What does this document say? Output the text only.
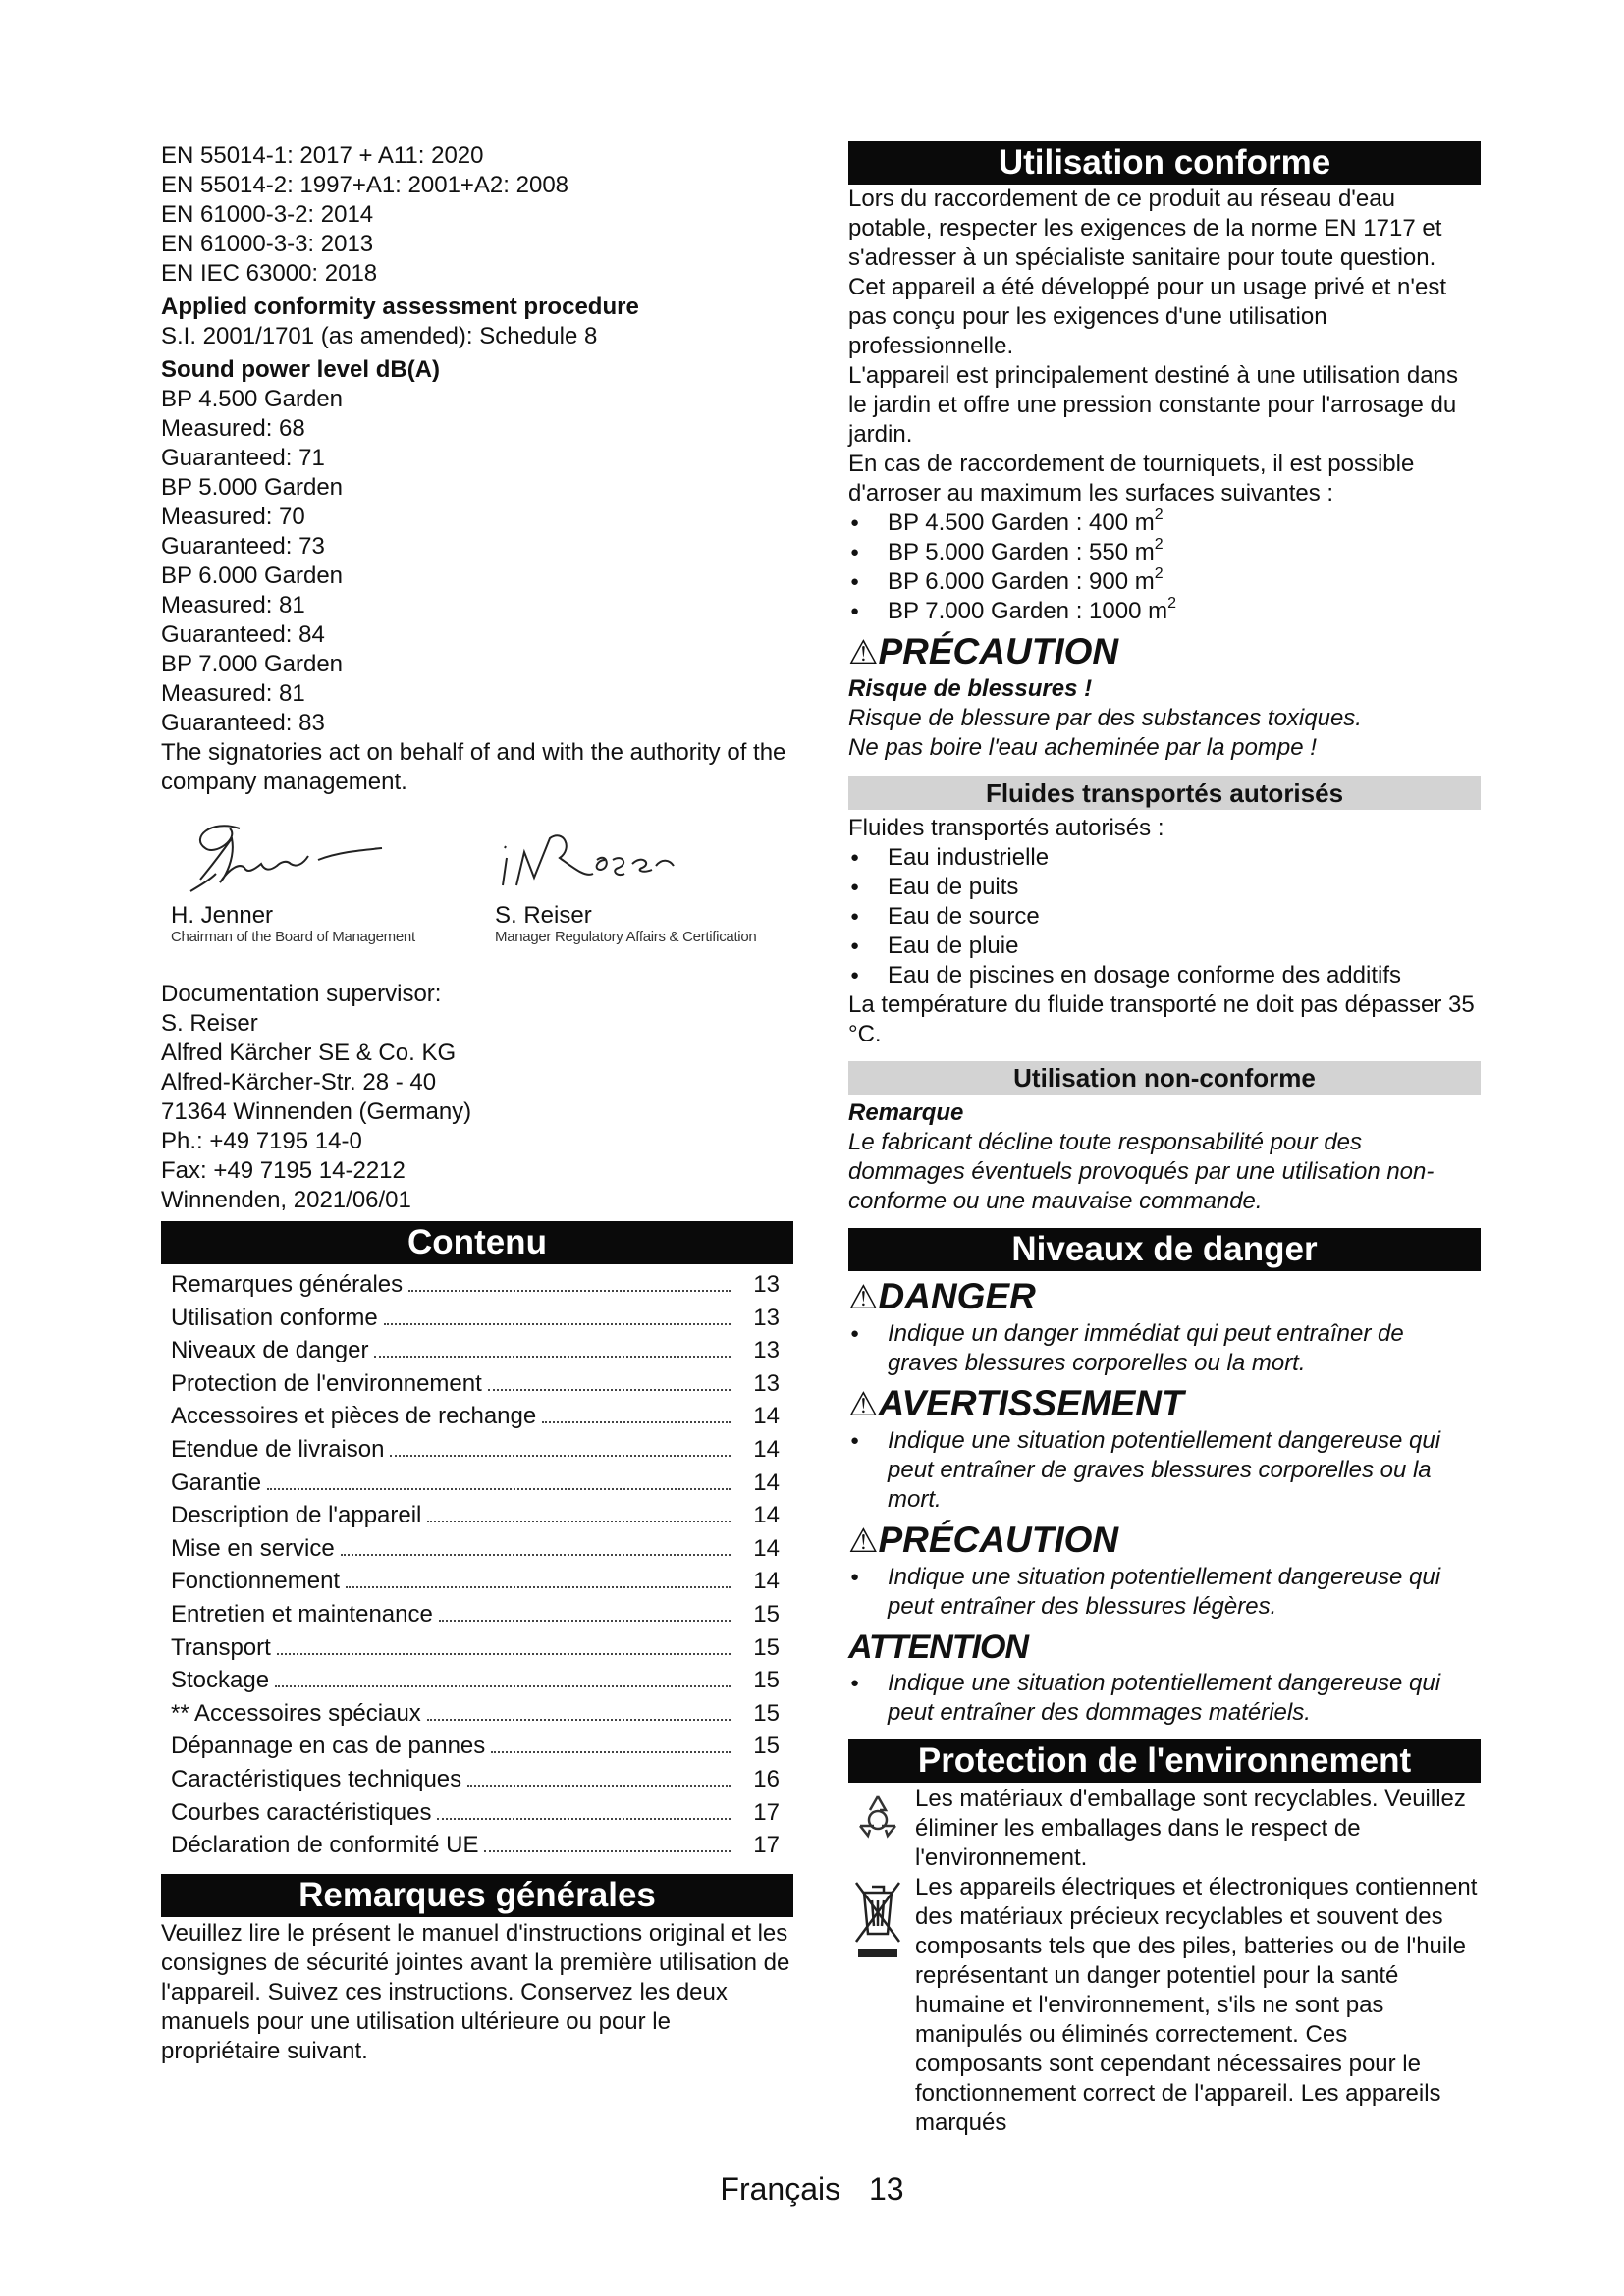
EN 55014-1: 2017 + A11: 2020

EN 55014-2: 1997+A1: 2001+A2: 2008

EN 61000-3-2: 2014

EN 61000-3-3: 2013

EN IEC 63000: 2018

Applied conformity assessment procedure

S.I. 2001/1701 (as amended): Schedule 8

Sound power level dB(A)

BP 4.500 Garden

Measured: 68

Guaranteed: 71

BP 5.000 Garden

Measured: 70

Guaranteed: 73

BP 6.000 Garden

Measured: 81

Guaranteed: 84

BP 7.000 Garden

Measured: 81

Guaranteed: 83

The signatories act on behalf of and with the authority of the company management.

H. Jenner
Chairman of the Board of Management
S. Reiser
Manager Regulatory Affairs & Certification

Documentation supervisor:

S. Reiser

Alfred Kärcher SE & Co. KG

Alfred-Kärcher-Str. 28 - 40

71364 Winnenden (Germany)

Ph.: +49 7195 14-0

Fax: +49 7195 14-2212

Winnenden, 2021/06/01

Contenu
Remarques générales	13

Utilisation conforme	13

Niveaux de danger	13

Protection de l'environnement	13

Accessoires et pièces de rechange	14

Etendue de livraison	14

Garantie	14

Description de l'appareil	14

Mise en service	14

Fonctionnement	14

Entretien et maintenance	15

Transport	15

Stockage	15

** Accessoires spéciaux	15

Dépannage en cas de pannes	15

Caractéristiques techniques	16

Courbes caractéristiques	17

Déclaration de conformité UE	17
Remarques générales

Veuillez lire le présent le manuel d'instructions original et les consignes de sécurité jointes avant la première utilisation de l'appareil. Suivez ces instructions. Conservez les deux manuels pour une utilisation ultérieure ou pour le propriétaire suivant.

Utilisation conforme

Lors du raccordement de ce produit au réseau d'eau potable, respecter les exigences de la norme EN 1717 et s'adresser à un spécialiste sanitaire pour toute question.

Cet appareil a été développé pour un usage privé et n'est pas conçu pour les exigences d'une utilisation professionnelle.

L'appareil est principalement destiné à une utilisation dans le jardin et offre une pression constante pour l'arrosage du jardin.

En cas de raccordement de tourniquets, il est possible d'arroser au maximum les surfaces suivantes :

● BP 4.500 Garden : 400 $m^2$
● BP 5.000 Garden : 550 $m^2$
● BP 6.000 Garden : 900 $m^2$
● BP 7.000 Garden : 1000 $m^2$
⚠PRÉCAUTION

Risque de blessures !

Risque de blessure par des substances toxiques.

Ne pas boire l'eau acheminée par la pompe !

Fluides transportés autorisés

Fluides transportés autorisés :

● Eau industrielle
● Eau de puits
● Eau de source
● Eau de pluie
● Eau de piscines en dosage conforme des additifs

La température du fluide transporté ne doit pas dépasser 35 °C.

Utilisation non-conforme

Remarque

Le fabricant décline toute responsabilité pour des dommages éventuels provoqués par une utilisation non-conforme ou une mauvaise commande.

Niveaux de danger
⚠DANGER
● Indique un danger immédiat qui peut entraîner de graves blessures corporelles ou la mort.
⚠AVERTISSEMENT
● Indique une situation potentiellement dangereuse qui peut entraîner de graves blessures corporelles ou la mort.
⚠PRÉCAUTION
● Indique une situation potentiellement dangereuse qui peut entraîner des blessures légères.
ATTENTION
● Indique une situation potentiellement dangereuse qui peut entraîner des dommages matériels.
Protection de l'environnement

Les matériaux d'emballage sont recyclables. Veuillez éliminer les emballages dans le respect de l'environnement.

Les appareils électriques et électroniques contiennent des matériaux précieux recyclables et souvent des composants tels que des piles, batteries ou de l'huile représentant un danger potentiel pour la santé humaine et l'environnement, s'ils ne sont pas manipulés ou éliminés correctement. Ces composants sont cependant nécessaires pour le fonctionnement correct de l'appareil. Les appareils marqués

Français 13
